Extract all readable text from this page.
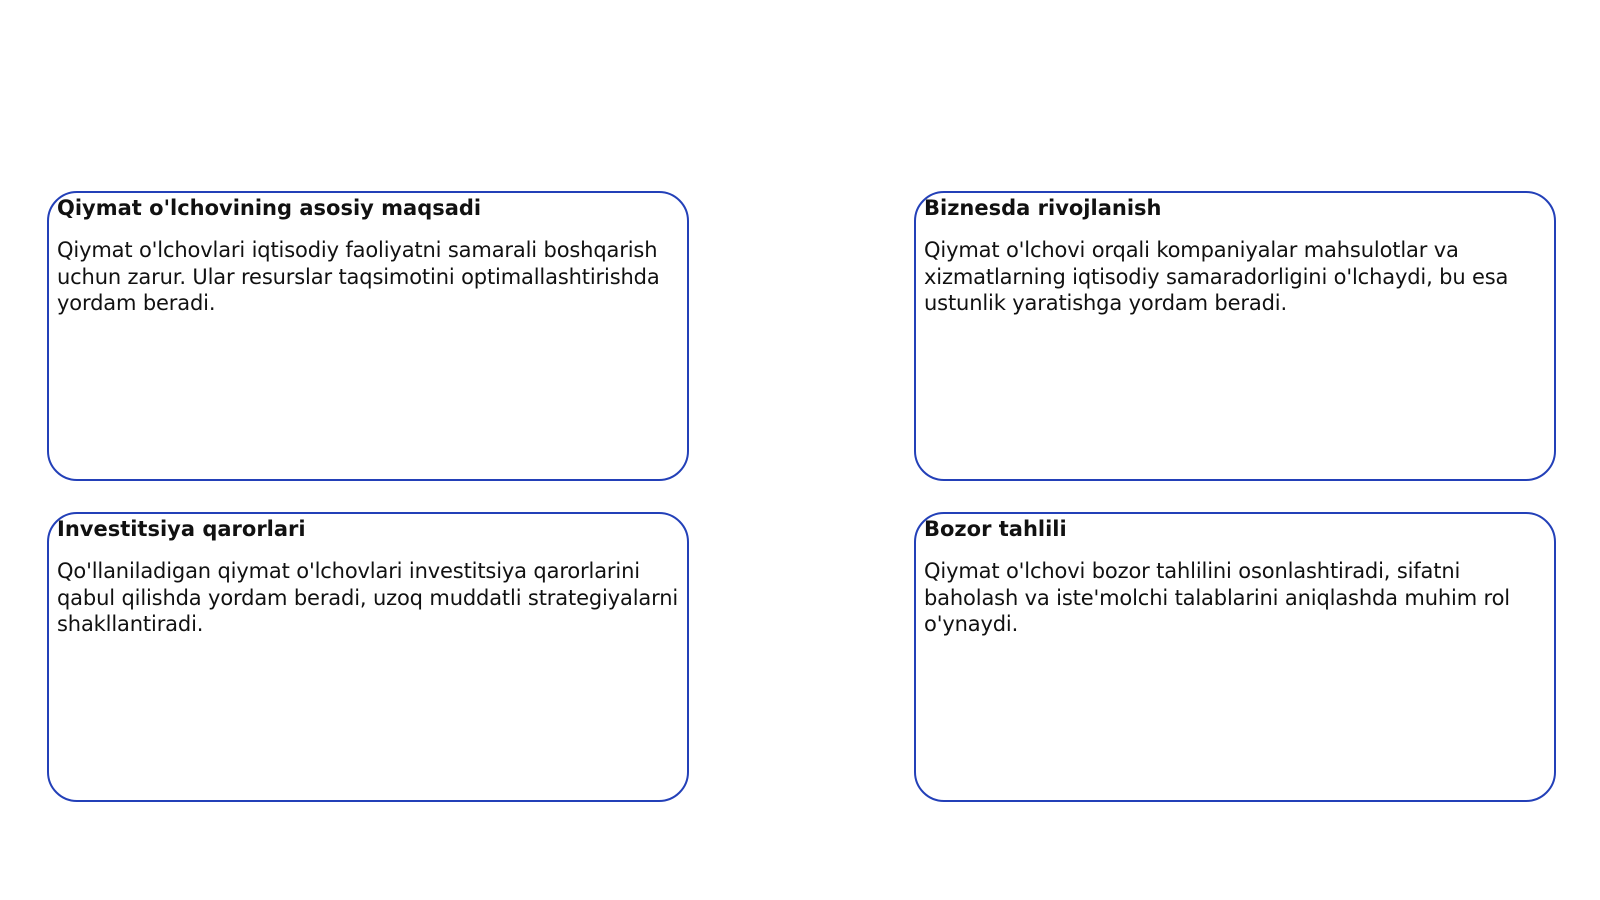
Qiymat o'lchovining asosiy maqsadi

Qiymat o'lchovlari iqtisodiy faoliyatni samarali boshqarish uchun zarur. Ular resurslar taqsimotini optimallashtirishda yordam beradi.

Biznesda rivojlanish

Qiymat o'lchovi orqali kompaniyalar mahsulotlar va xizmatlarning iqtisodiy samaradorligini o'lchaydi, bu esa ustunlik yaratishga yordam beradi.

Investitsiya qarorlari

Qo'llaniladigan qiymat o'lchovlari investitsiya qarorlarini qabul qilishda yordam beradi, uzoq muddatli strategiyalarni shakllantiradi.

Bozor tahlili

Qiymat o'lchovi bozor tahlilini osonlashtiradi, sifatni baholash va iste'molchi talablarini aniqlashda muhim rol o'ynaydi.
